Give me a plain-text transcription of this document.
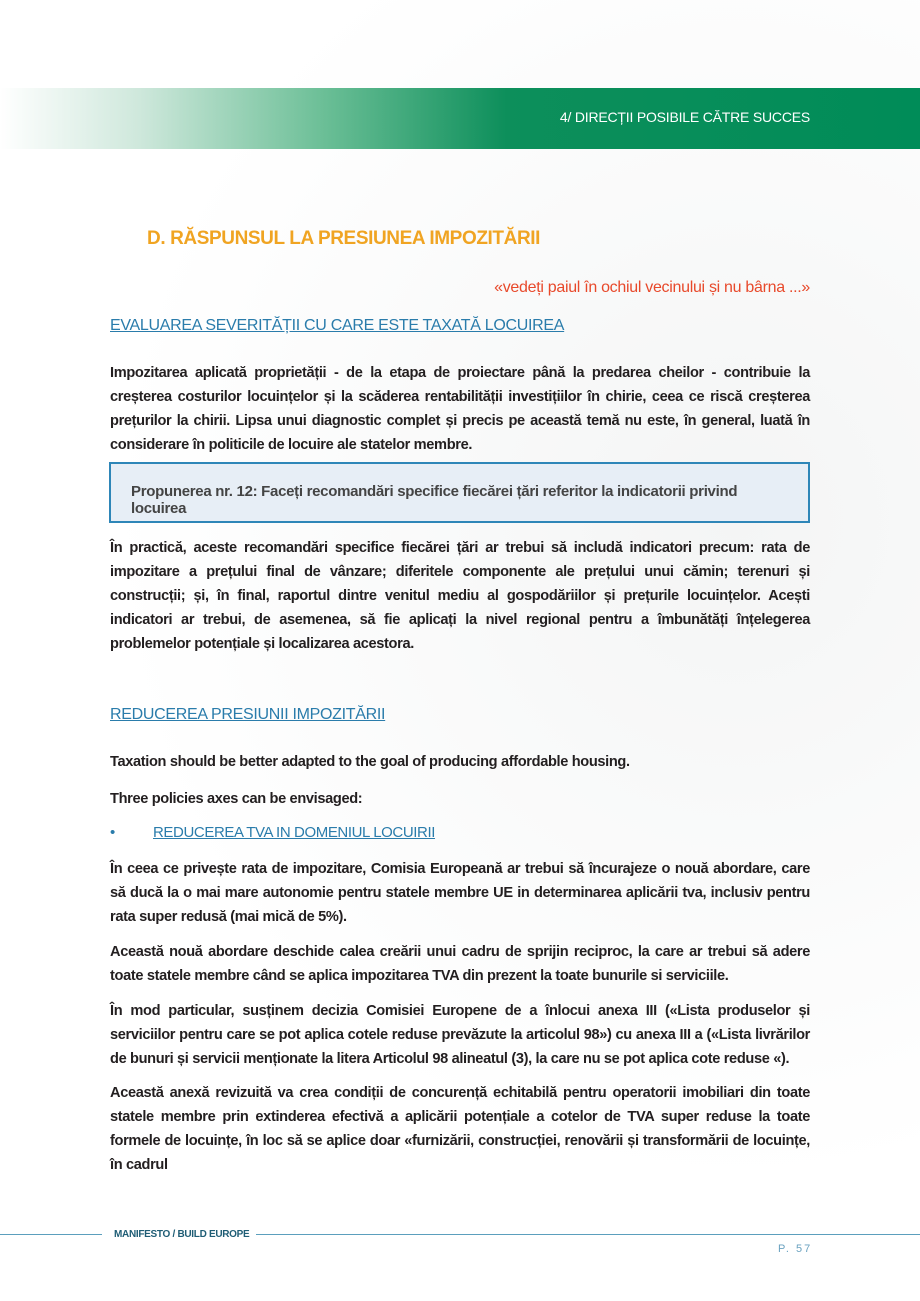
4/ DIRECȚII POSIBILE CĂTRE SUCCES
D. RĂSPUNSUL LA PRESIUNEA IMPOZITĂRII
«vedeți paiul în ochiul vecinului și nu bârna ...»
EVALUAREA SEVERITĂȚII CU CARE ESTE TAXATĂ LOCUIREA
Impozitarea aplicată proprietății - de la etapa de proiectare până la predarea cheilor - contribuie la creșterea costurilor locuințelor și la scăderea rentabilității investițiilor în chirie, ceea ce riscă creșterea prețurilor la chirii. Lipsa unui diagnostic complet și precis pe această temă nu este, în general, luată în considerare în politicile de locuire ale statelor membre.
Propunerea nr. 12: Faceți recomandări specifice fiecărei țări referitor la indicatorii privind locuirea
În practică, aceste recomandări specifice fiecărei țări ar trebui să includă indicatori precum: rata de impozitare a prețului final de vânzare; diferitele componente ale prețului unui cămin; terenuri și construcții; și, în final, raportul dintre venitul mediu al gospodăriilor și prețurile locuințelor. Acești indicatori ar trebui, de asemenea, să fie aplicați la nivel regional pentru a îmbunătăți înțelegerea problemelor potențiale și localizarea acestora.
REDUCEREA PRESIUNII IMPOZITĂRII
Taxation should be better adapted to the goal of producing affordable housing.
Three policies axes can be envisaged:
•	REDUCEREA TVA IN DOMENIUL LOCUIRII
În ceea ce privește rata de impozitare, Comisia Europeană ar trebui să încurajeze o nouă abordare, care să ducă la o mai mare autonomie pentru statele membre UE in determinarea aplicării tva, inclusiv pentru rata super redusă (mai mică de 5%).
Această nouă abordare deschide calea creării unui cadru de sprijin reciproc, la care ar trebui să adere toate statele membre când se aplica impozitarea TVA din prezent la toate bunurile si serviciile.
În mod particular, susținem decizia Comisiei Europene de a înlocui anexa III («Lista produselor și serviciilor pentru care se pot aplica cotele reduse prevăzute la articolul 98») cu anexa III a («Lista livrărilor de bunuri și servicii menționate la litera Articolul 98 alineatul (3), la care nu se pot aplica cote reduse «).
Această anexă revizuită va crea condiții de concurență echitabilă pentru operatorii imobiliari din toate statele membre prin extinderea efectivă a aplicării potențiale a cotelor de TVA super reduse la toate formele de locuințe, în loc să se aplice doar «furnizării, construcției, renovării și transformării de locuințe, în cadrul
MANIFESTO / BUILD EUROPE
P. 57
